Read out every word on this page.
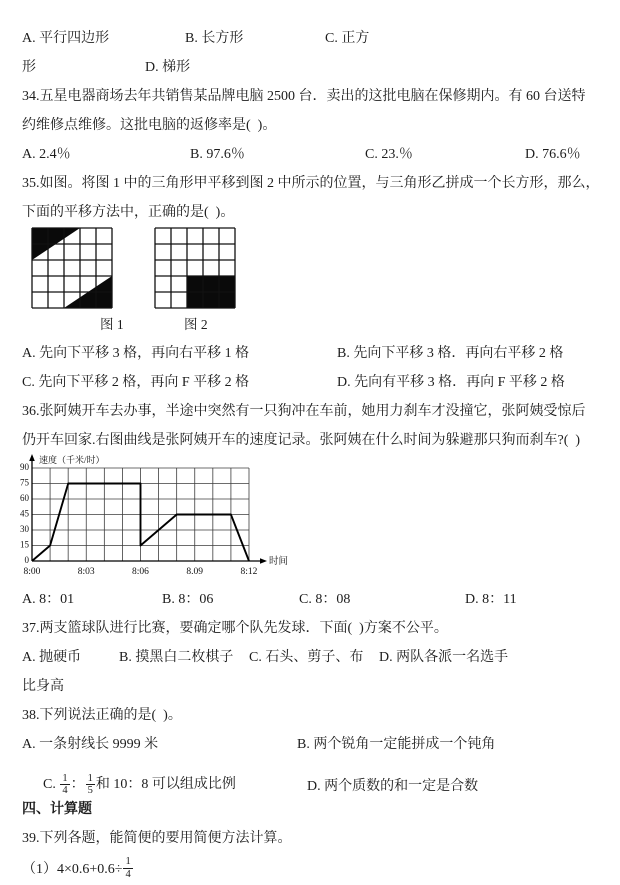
A. 平行四边形	B. 长方形	C. 正方
形	D. 梯形
34.五星电器商场去年共销售某品牌电脑 2500 台．卖出的这批电脑在保修期内。有 60 台送特
约维修点维修。这批电脑的返修率是(  )。
A. 2.4％	B. 97.6％	C. 23.％	D. 76.6％
35.如图。将图 1 中的三角形甲平移到图 2 中所示的位置，与三角形乙拼成一个长方形，那么，
下面的平移方法中，正确的是(  )。
图 1	图 2
A. 先向下平移 3 格，再向右平移 1 格	B. 先向下平移 3 格．再向右平移 2 格
C. 先向下平移 2 格，再向 F 平移 2 格	D. 先向有平移 3 格．再向 F 平移 2 格
36.张阿姨开车去办事，半途中突然有一只狗冲在车前，她用力刹车才没撞它，张阿姨受惊后
仍开车回家.右图曲线是张阿姨开车的速度记录。张阿姨在什么时间为躲避那只狗而刹车?(  )
0
15
30
45
60
75
90
8:00	8:03	8:06	8.09	8:12
速度（千米/时）
时间
A. 8：01	B. 8：06	C. 8：08	D. 8：11
37.两支篮球队进行比赛，要确定哪个队先发球．下面(  )方案不公平。
A. 抛硬币	B. 摸黑白二枚棋子	C. 石头、剪子、布	D. 两队各派一名选手
比身高
38.下列说法正确的是(  )。
A. 一条射线长 9999 米	B. 两个锐角一定能拼成一个钝角

C. $\frac{1}{4}$ ： $\frac{1}{5}$ 和 10：8 可以组成比例
	D. 两个质数的和一定是合数
四、计算题
39.下列各题，能简便的要用简便方法计算。
$(1)4\times 0.6+0.6\div \frac{1}{4}$
